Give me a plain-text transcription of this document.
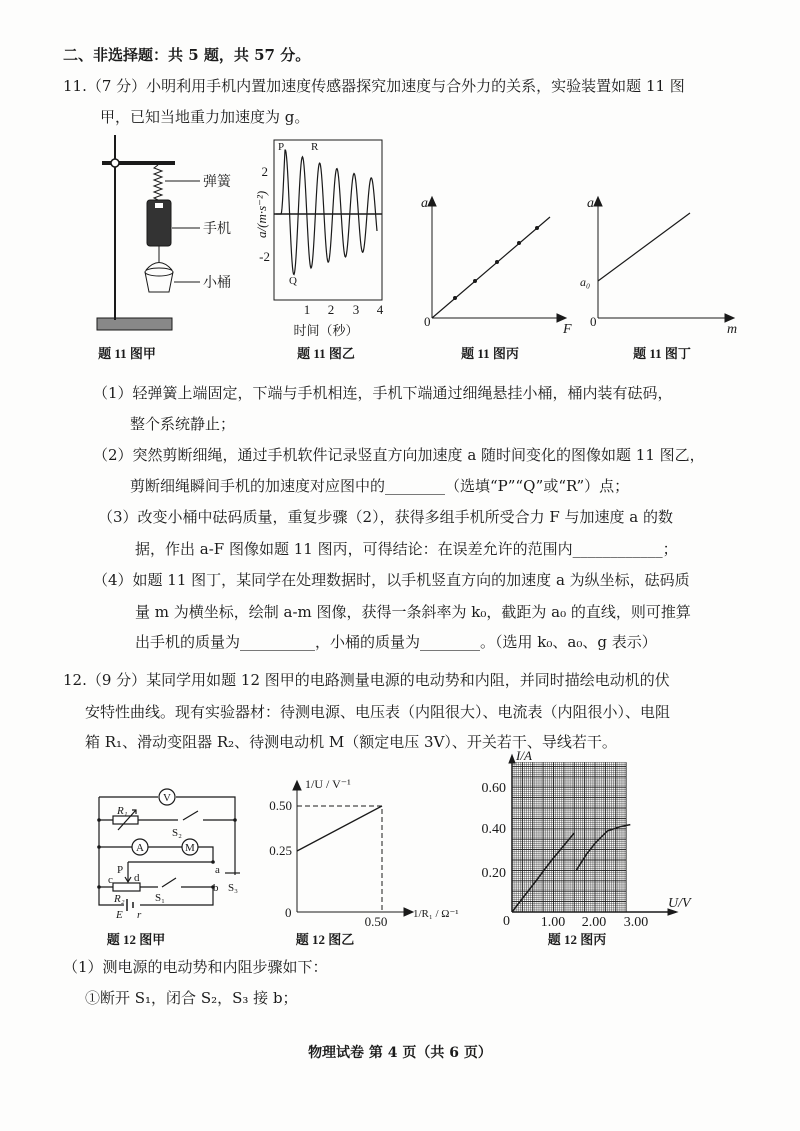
二、非选择题：共 5 题，共 57 分。
11.（7 分）小明利用手机内置加速度传感器探究加速度与合外力的关系，实验装置如题 11 图
甲，已知当地重力加速度为 g。
（1）轻弹簧上端固定，下端与手机相连，手机下端通过细绳悬挂小桶，桶内装有砝码，
整个系统静止；
（2）突然剪断细绳，通过手机软件记录竖直方向加速度 a 随时间变化的图像如题 11 图乙，
剪断细绳瞬间手机的加速度对应图中的________（选填“P”“Q”或“R”）点；
（3）改变小桶中砝码质量，重复步骤（2），获得多组手机所受合力 F 与加速度 a 的数
据，作出 a-F 图像如题 11 图丙，可得结论：在误差允许的范围内____________；
（4）如题 11 图丁，某同学在处理数据时，以手机竖直方向的加速度 a 为纵坐标，砝码质
量 m 为横坐标，绘制 a-m 图像，获得一条斜率为 k₀，截距为 a₀ 的直线，则可推算
出手机的质量为__________，小桶的质量为________。（选用 k₀、a₀、g 表示）
12.（9 分）某同学用如题 12 图甲的电路测量电源的电动势和内阻，并同时描绘电动机的伏
安特性曲线。现有实验器材：待测电源、电压表（内阻很大）、电流表（内阻很小）、电阻
箱 R₁、滑动变阻器 R₂、待测电动机 M（额定电压 3V）、开关若干、导线若干。
（1）测电源的电动势和内阻步骤如下：
①断开 S₁，闭合 S₂，S₃ 接 b；
物理试卷 第 4 页（共 6 页）
弹簧
手机
小桶
题 11 图甲
a/(m·s⁻²)
2
-2
1 2 3 4
时间（秒）
P
Q
R
题 11 图乙
a
0
F
题 11 图丙
a
a₀
0
m
题 11 图丁
V
R₁
S₂
A	M
a
P
c d
S₃
b
R₂	S₁
E r
题 12 图甲
1/U / V⁻¹
0.50
0.25
0
0.50 1/R₁ / Ω⁻¹
题 12 图乙
I/A
0.60
0.40
0.20
0 1.00 2.00 3.00
U/V
题 12 图丙
